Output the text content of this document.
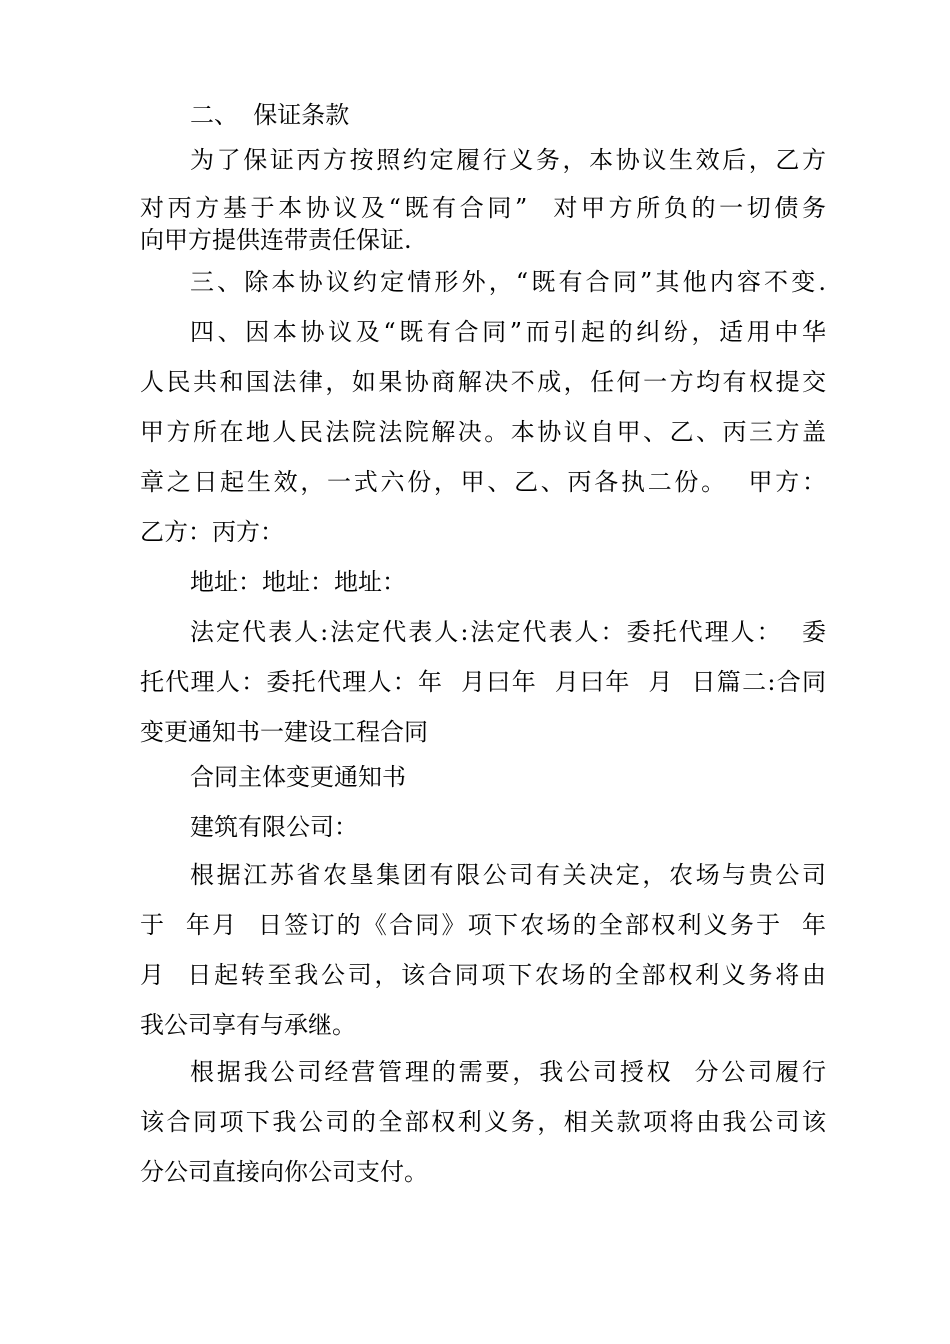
二、  保证条款

为了保证丙方按照约定履行义务，本协议生效后，乙方

对丙方基于本协议及“既有合同”  对甲方所负的一切债务

向甲方提供连带责任保证.

三、除本协议约定情形外，“既有合同”其他内容不变.

四、因本协议及“既有合同”而引起的纠纷，适用中华

人民共和国法律，如果协商解决不成，任何一方均有权提交

甲方所在地人民法院法院解决。本协议自甲、乙、丙三方盖

章之日起生效，一式六份，甲、乙、丙各执二份。  甲方：

乙方：丙方：

地址：地址：地址：

法定代表人:法定代表人:法定代表人：委托代理人：  委

托代理人：委托代理人：年  月曰年  月曰年  月  日篇二:合同

变更通知书一建设工程合同

合同主体变更通知书

建筑有限公司：

根据江苏省农垦集团有限公司有关决定，农场与贵公司

于  年月  日签订的《合同》项下农场的全部权利义务于  年

月  日起转至我公司，该合同项下农场的全部权利义务将由

我公司享有与承继。

根据我公司经营管理的需要，我公司授权  分公司履行

该合同项下我公司的全部权利义务，相关款项将由我公司该

分公司直接向你公司支付。
